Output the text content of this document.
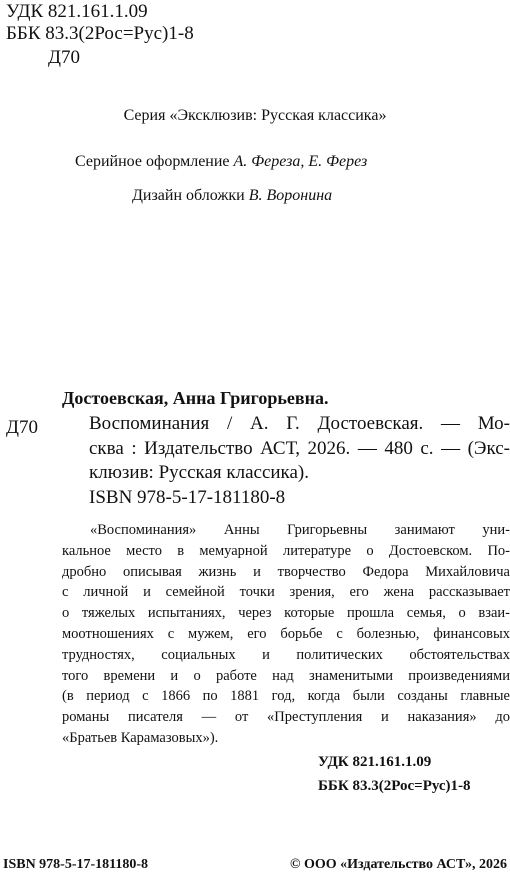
УДК 821.161.1.09
ББК 83.3(2Рос=Рус)1-8
Д70
Серия «Эксклюзив: Русская классика»
Серийное оформление А. Фереза, Е. Ферез
Дизайн обложки В. Воронина
Достоевская, Анна Григорьевна.
Д70	Воспоминания / А. Г. Достоевская. — Мо-
сква : Издательство АСТ, 2026. — 480 с. — (Экс-
клюзив: Русская классика).
ISBN 978-5-17-181180-8
«Воспоминания» Анны Григорьевны занимают уни-
кальное место в мемуарной литературе о Достоевском. По-
дробно описывая жизнь и творчество Федора Михайловича
с личной и семейной точки зрения, его жена рассказывает
о тяжелых испытаниях, через которые прошла семья, о взаи-
моотношениях с мужем, его борьбе с болезнью, финансовых
трудностях, социальных и политических обстоятельствах
того времени и о работе над знаменитыми произведениями
(в период с 1866 по 1881 год, когда были созданы главные
романы писателя — от «Преступления и наказания» до
«Братьев Карамазовых»).
УДК 821.161.1.09
ББК 83.3(2Рос=Рус)1-8
ISBN 978-5-17-181180-8	© ООО «Издательство АСТ», 2026
